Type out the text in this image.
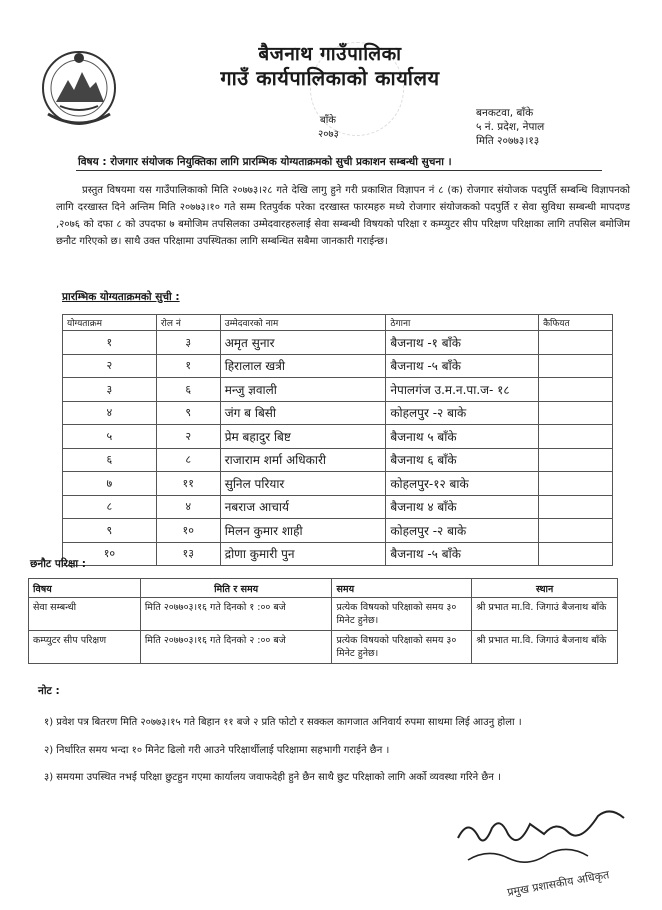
बैजनाथ गाउँपालिका
गाउँ कार्यपालिकाको कार्यालय
बाँके
२०७३
बनकटवा, बाँके
५ नं. प्रदेश, नेपाल
मिति २०७७३।१३
विषय : रोजगार संयोजक नियुक्तिका लागि प्रारम्भिक योग्यताक्रमको सुची प्रकाशन सम्बन्धी सुचना ।
प्रस्तुत विषयमा यस गाउँपालिकाको मिति २०७७३।२८ गते देखि लागु हुने गरी प्रकाशित विज्ञापन नं ८ (क) रोजगार संयोजक पदपुर्ति सम्बन्धि विज्ञापनको लागि दरखास्त दिने अन्तिम मिति २०७७३।१० गते सम्म रितपुर्वक परेका दरखास्त फारमहरु मध्ये रोजगार संयोजकको पदपुर्ति र सेवा सुविधा सम्बन्धी मापदण्ड ,२०७६ को दफा ८ को उपदफा ७ बमोजिम तपसिलका उम्मेदवारहरुलाई सेवा सम्बन्धी विषयको परिक्षा र कम्प्युटर सीप परिक्षण परिक्षाका लागि तपसिल बमोजिम छनौट गरिएको छ। साथै उक्त परिक्षामा उपस्थितका लागि सम्बन्धित सबैमा जानकारी गराईन्छ।
प्रारम्भिक योग्यताक्रमको सुची :
योग्यताक्रम	रोल नं	उम्मेदवारको नाम	ठेगाना	कैफियत
१	३	अमृत सुनार	बैजनाथ -१ बाँके	
२	१	हिरालाल खत्री	बैजनाथ -५ बाँके	
३	६	मन्जु ज्ञवाली	नेपालगंज उ.म.न.पा.ज- १८	
४	९	जंग ब बिसी	कोहलपुर -२ बाके	
५	२	प्रेम बहादुर बिष्ट	बैजनाथ ५ बाँके	
६	८	राजाराम शर्मा अधिकारी	बैजनाथ ६ बाँके	
७	११	सुनिल परियार	कोहलपुर-१२ बाके	
८	४	नबराज आचार्य	बैजनाथ ४ बाँके	
९	१०	मिलन कुमार शाही	कोहलपुर -२ बाके	
१०	१३	द्रोणा कुमारी पुन	बैजनाथ -५ बाँके	
छनौट परिक्षा :
विषय	मिति र समय	समय	स्थान
सेवा सम्बन्धी	मिति २०७७०३।१६ गते दिनको १ :०० बजे	प्रत्येक विषयको परिक्षाको समय ३० मिनेट हुनेछ।	श्री प्रभात मा.वि. जिगाउं बैजनाथ बाँके
कम्प्युटर सीप परिक्षण	मिति २०७७०३।१६ गते दिनको २ :०० बजे	प्रत्येक विषयको परिक्षाको समय ३० मिनेट हुनेछ।	श्री प्रभात मा.वि. जिगाउं बैजनाथ बाँके
नोट :
१) प्रवेश पत्र बितरण मिति २०७७३।१५ गते बिहान ११ बजे २ प्रति फोटो र सक्कल कागजात अनिवार्य रुपमा साथमा लिई आउनु होला ।
२) निर्धारित समय भन्दा १० मिनेट ढिलो गरी आउने परिक्षार्थीलाई परिक्षामा सहभागी गराईने छैन ।
३) समयमा उपस्थित नभई परिक्षा छुटहुन गएमा कार्यालय जवाफदेही हुने छैन साथै छुट परिक्षाको लागि अर्को व्यवस्था गरिने छैन ।
प्रमुख प्रशासकीय अधिकृत
